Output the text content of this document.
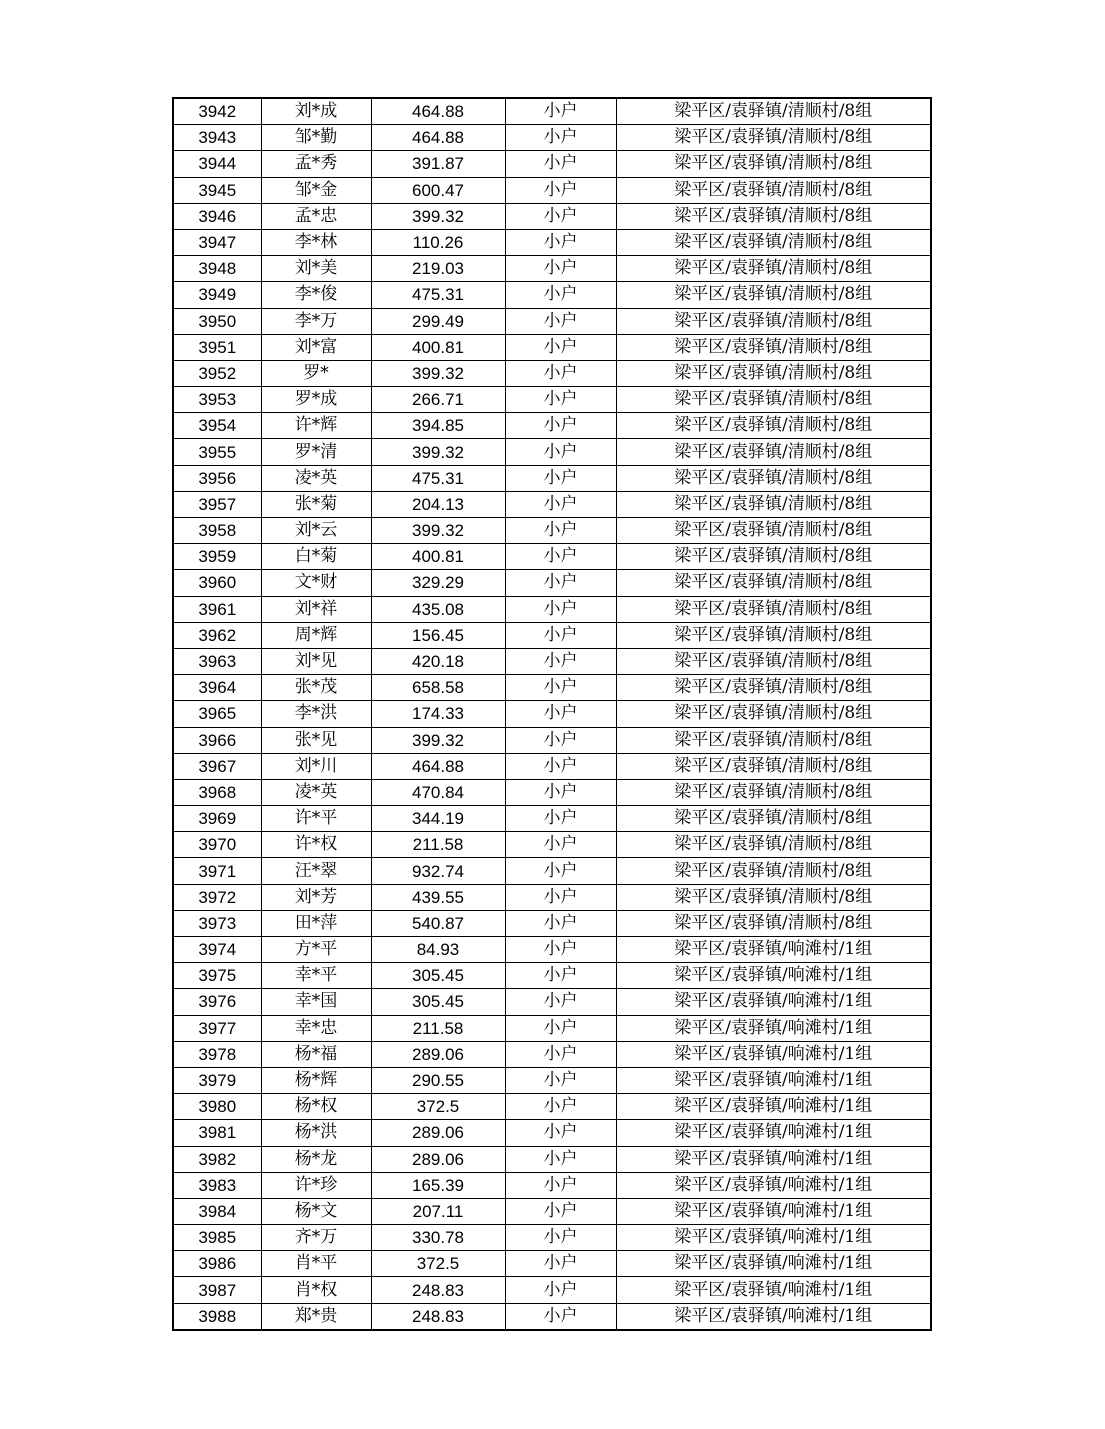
3942	刘*成	464.88	小户	梁平区/袁驿镇/清顺村/8组
3943	邹*勤	464.88	小户	梁平区/袁驿镇/清顺村/8组
3944	孟*秀	391.87	小户	梁平区/袁驿镇/清顺村/8组
3945	邹*金	600.47	小户	梁平区/袁驿镇/清顺村/8组
3946	孟*忠	399.32	小户	梁平区/袁驿镇/清顺村/8组
3947	李*林	110.26	小户	梁平区/袁驿镇/清顺村/8组
3948	刘*美	219.03	小户	梁平区/袁驿镇/清顺村/8组
3949	李*俊	475.31	小户	梁平区/袁驿镇/清顺村/8组
3950	李*万	299.49	小户	梁平区/袁驿镇/清顺村/8组
3951	刘*富	400.81	小户	梁平区/袁驿镇/清顺村/8组
3952	罗*	399.32	小户	梁平区/袁驿镇/清顺村/8组
3953	罗*成	266.71	小户	梁平区/袁驿镇/清顺村/8组
3954	许*辉	394.85	小户	梁平区/袁驿镇/清顺村/8组
3955	罗*清	399.32	小户	梁平区/袁驿镇/清顺村/8组
3956	凌*英	475.31	小户	梁平区/袁驿镇/清顺村/8组
3957	张*菊	204.13	小户	梁平区/袁驿镇/清顺村/8组
3958	刘*云	399.32	小户	梁平区/袁驿镇/清顺村/8组
3959	白*菊	400.81	小户	梁平区/袁驿镇/清顺村/8组
3960	文*财	329.29	小户	梁平区/袁驿镇/清顺村/8组
3961	刘*祥	435.08	小户	梁平区/袁驿镇/清顺村/8组
3962	周*辉	156.45	小户	梁平区/袁驿镇/清顺村/8组
3963	刘*见	420.18	小户	梁平区/袁驿镇/清顺村/8组
3964	张*茂	658.58	小户	梁平区/袁驿镇/清顺村/8组
3965	李*洪	174.33	小户	梁平区/袁驿镇/清顺村/8组
3966	张*见	399.32	小户	梁平区/袁驿镇/清顺村/8组
3967	刘*川	464.88	小户	梁平区/袁驿镇/清顺村/8组
3968	凌*英	470.84	小户	梁平区/袁驿镇/清顺村/8组
3969	许*平	344.19	小户	梁平区/袁驿镇/清顺村/8组
3970	许*权	211.58	小户	梁平区/袁驿镇/清顺村/8组
3971	汪*翠	932.74	小户	梁平区/袁驿镇/清顺村/8组
3972	刘*芳	439.55	小户	梁平区/袁驿镇/清顺村/8组
3973	田*萍	540.87	小户	梁平区/袁驿镇/清顺村/8组
3974	方*平	84.93	小户	梁平区/袁驿镇/响滩村/1组
3975	幸*平	305.45	小户	梁平区/袁驿镇/响滩村/1组
3976	幸*国	305.45	小户	梁平区/袁驿镇/响滩村/1组
3977	幸*忠	211.58	小户	梁平区/袁驿镇/响滩村/1组
3978	杨*福	289.06	小户	梁平区/袁驿镇/响滩村/1组
3979	杨*辉	290.55	小户	梁平区/袁驿镇/响滩村/1组
3980	杨*权	372.5	小户	梁平区/袁驿镇/响滩村/1组
3981	杨*洪	289.06	小户	梁平区/袁驿镇/响滩村/1组
3982	杨*龙	289.06	小户	梁平区/袁驿镇/响滩村/1组
3983	许*珍	165.39	小户	梁平区/袁驿镇/响滩村/1组
3984	杨*文	207.11	小户	梁平区/袁驿镇/响滩村/1组
3985	齐*万	330.78	小户	梁平区/袁驿镇/响滩村/1组
3986	肖*平	372.5	小户	梁平区/袁驿镇/响滩村/1组
3987	肖*权	248.83	小户	梁平区/袁驿镇/响滩村/1组
3988	郑*贵	248.83	小户	梁平区/袁驿镇/响滩村/1组
